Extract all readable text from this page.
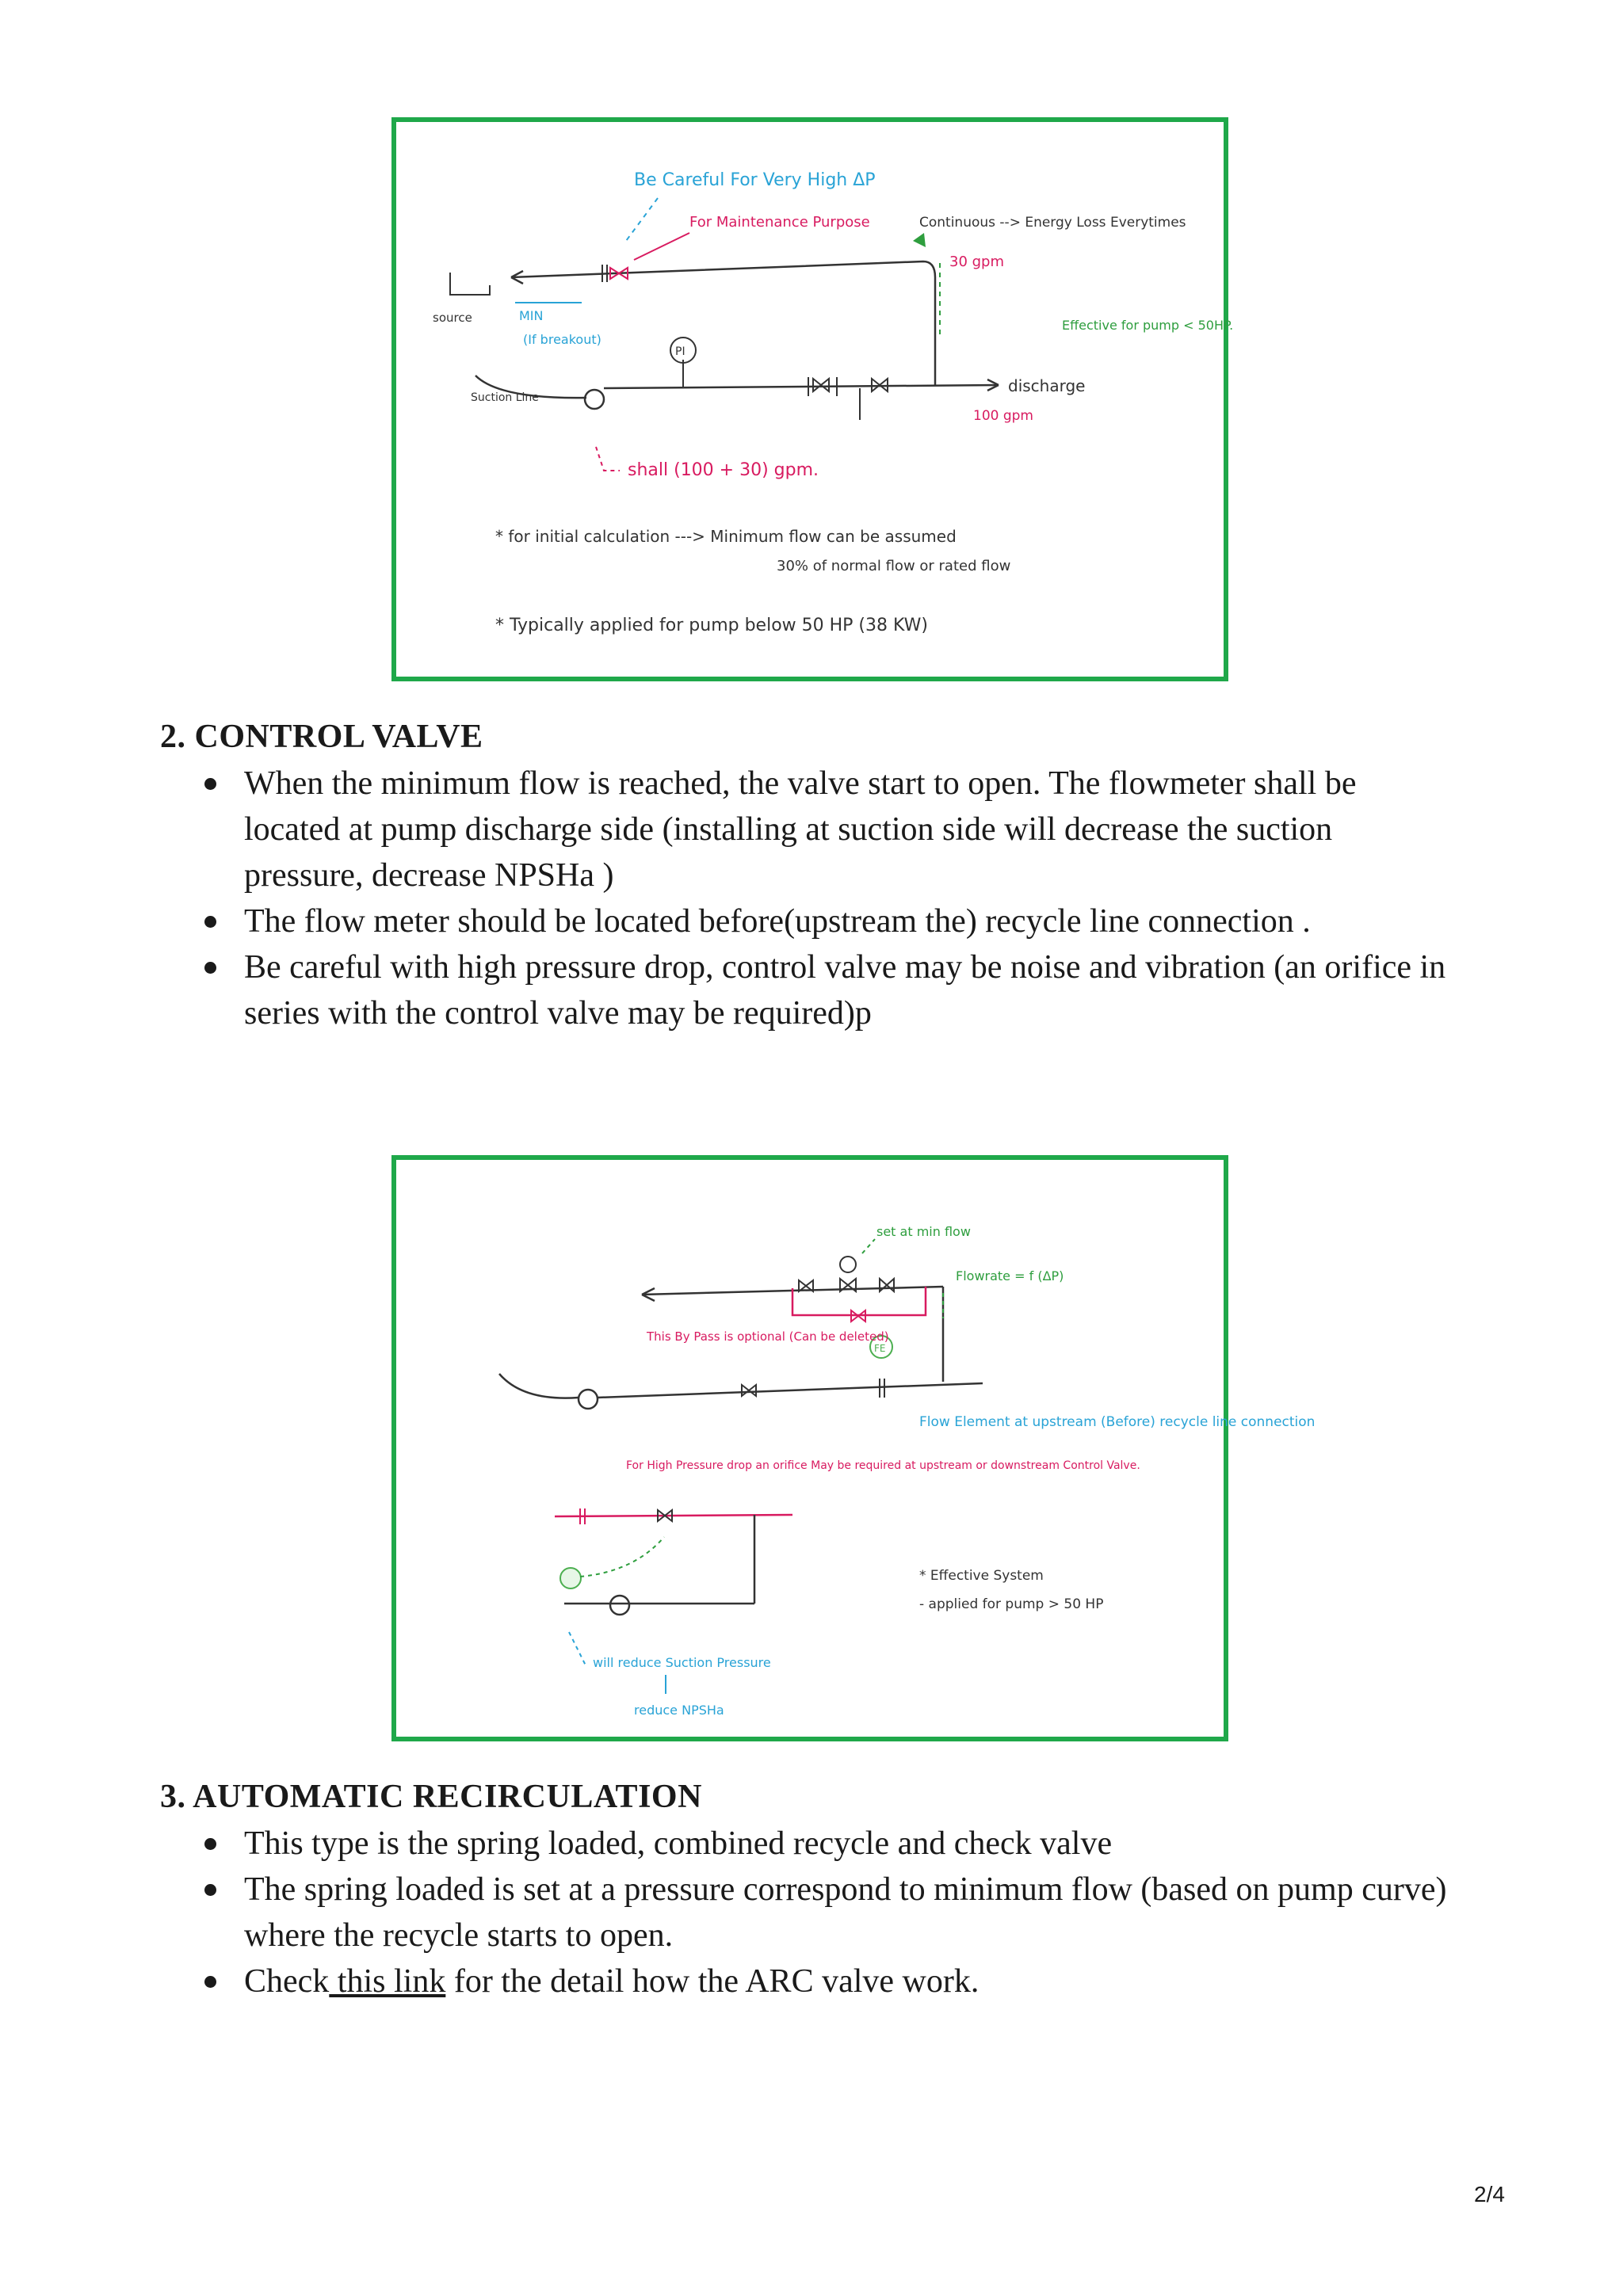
source
PI
Be Careful For Very High ΔP
For Maintenance Purpose	Continuous --> Energy Loss Everytimes
30 gpm
Effective for pump < 50HP.
MIN
(If breakout)
Suction Line
discharge
100 gpm
shall (100 + 30) gpm.
* for initial calculation ---> Minimum flow can be assumed
30% of normal flow or rated flow
* Typically applied for pump below 50 HP (38 KW)
2. CONTROL VALVE
When the minimum flow is reached, the valve start to open. The flowmeter shall be located at pump discharge side (installing at suction side will decrease the suction pressure, decrease NPSHa )
The flow meter should be located before(upstream the) recycle line connection .
Be careful with high pressure drop, control valve may be noise and vibration (an orifice in series with the control valve may be required)p
set at min flow
Flowrate = f (ΔP)
FE
This By Pass is optional (Can be deleted)
Flow Element at upstream (Before) recycle line connection
For High Pressure drop an orifice May be required at upstream or downstream Control Valve.
* Effective System
- applied for pump > 50 HP
will reduce Suction Pressure
reduce NPSHa
3. AUTOMATIC RECIRCULATION
This type is the spring loaded, combined recycle and check valve
The spring loaded is set at a pressure correspond to minimum flow (based on pump curve) where the recycle starts to open.
Check this link for the detail how the ARC valve work.
2/4
